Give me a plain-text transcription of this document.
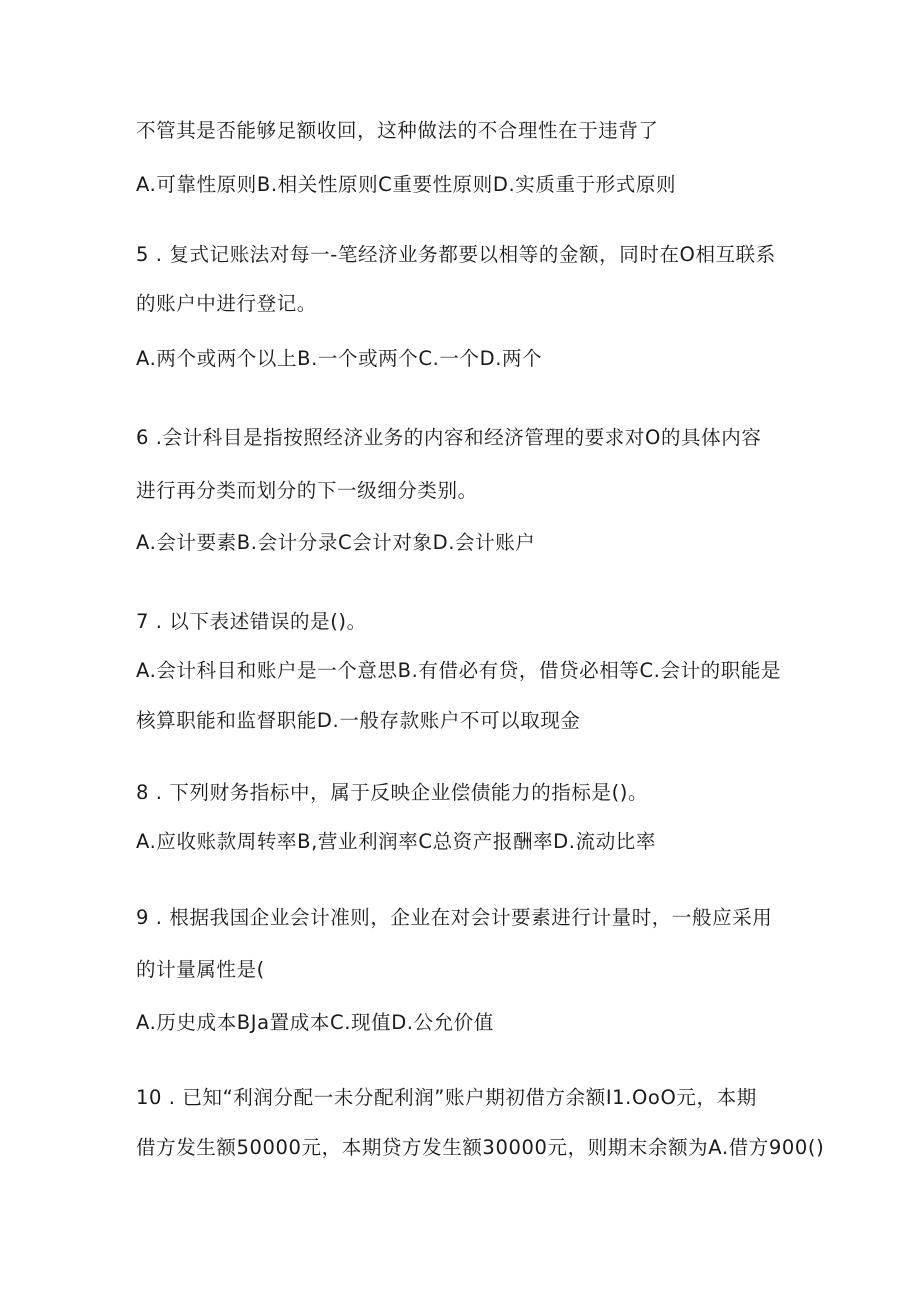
不管其是否能够足额收回，这种做法的不合理性在于违背了
A.可靠性原则B.相关性原则C重要性原则D.实质重于形式原则
5 . 复式记账法对每一-笔经济业务都要以相等的金额，同时在O相互联系
的账户中进行登记。
A.两个或两个以上B.一个或两个C.一个D.两个
6 .会计科目是指按照经济业务的内容和经济管理的要求对O的具体内容
进行再分类而划分的下一级细分类别。
A.会计要素B.会计分录C会计对象D.会计账户
7 . 以下表述错误的是()。
A.会计科目和账户是一个意思B.有借必有贷，借贷必相等C.会计的职能是
核算职能和监督职能D.一般存款账户不可以取现金
8 . 下列财务指标中，属于反映企业偿债能力的指标是()。
A.应收账款周转率B,营业利润率C总资产报酬率D.流动比率
9 . 根据我国企业会计准则，企业在对会计要素进行计量时，一般应采用
的计量属性是(
A.历史成本BJa置成本C.现值D.公允价值
10 . 已知“利润分配一未分配利润”账户期初借方余额I1.OoO元，本期
借方发生额50000元，本期贷方发生额30000元，则期末余额为A.借方900()
